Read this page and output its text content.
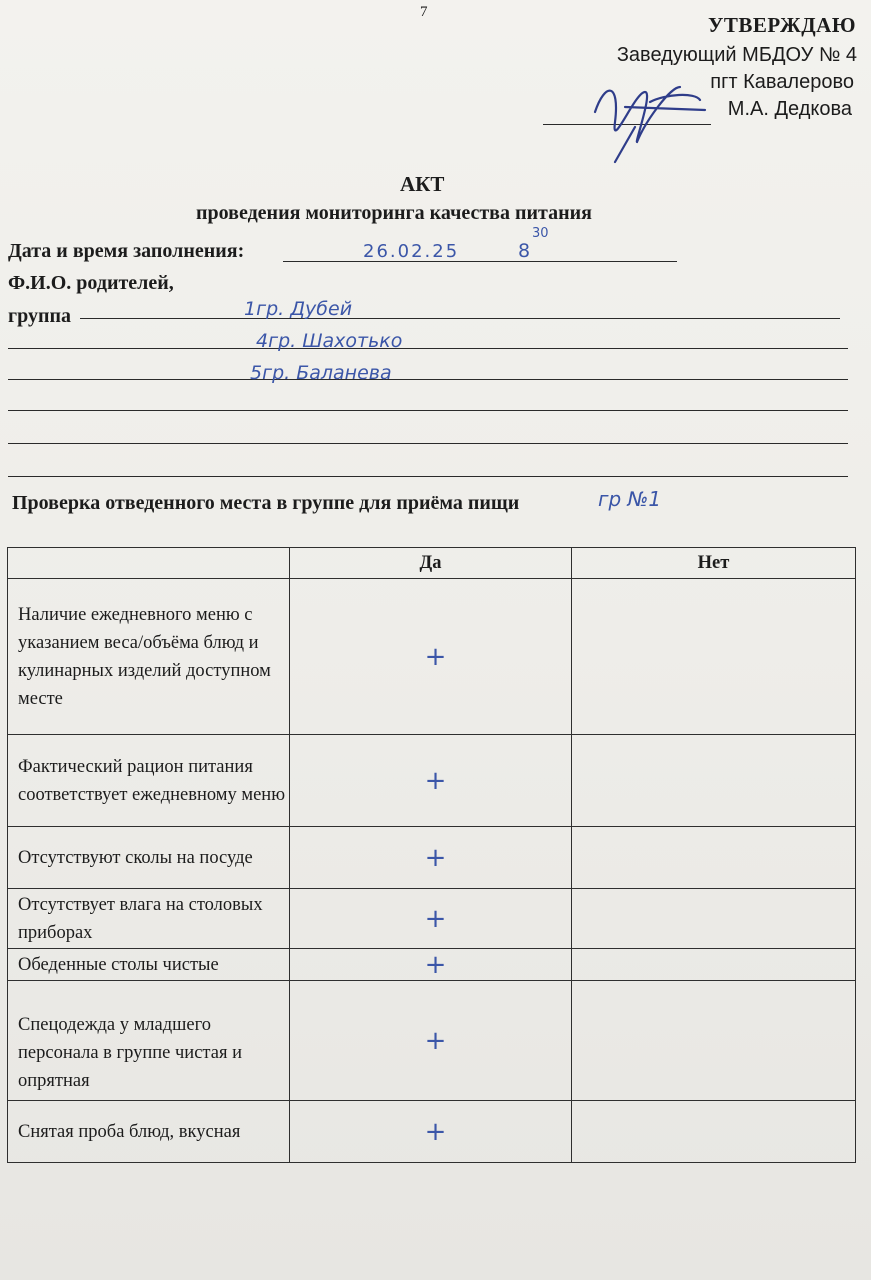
7
УТВЕРЖДАЮ
Заведующий МБДОУ № 4
пгт Кавалерово
М.А. Дедкова
АКТ
проведения мониторинга качества питания
Дата и время заполнения:	26.02.25	8
30
Ф.И.О. родителей,
группа	1гр. Дубей
4гр. Шахотько
5гр. Баланева
Проверка отведенного места в группе для приёма пищи	гр №1
	Да	Нет
Наличие ежедневного меню с указанием веса/объёма блюд и кулинарных изделий доступном месте	+	
Фактический рацион питания соответствует ежедневному меню	+	
Отсутствуют сколы на посуде	+	
Отсутствует влага на столовых приборах	+	
Обеденные столы чистые	+	
Спецодежда у младшего персонала в группе чистая и опрятная	+	
Снятая проба блюд, вкусная	+	
